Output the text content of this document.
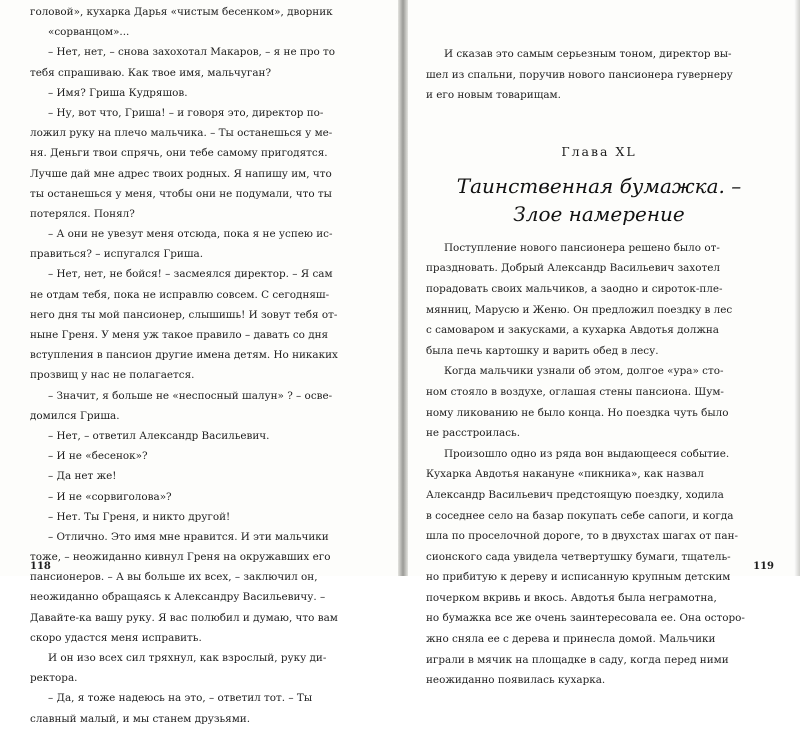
головой», кухарка Дарья «чистым бесенком», дворник
«сорванцом»...
– Нет, нет, – снова захохотал Макаров, – я не про то
тебя спрашиваю. Как твое имя, мальчуган?
– Имя? Гриша Кудряшов.
– Ну, вот что, Гриша! – и говоря это, директор по-
ложил руку на плечо мальчика. – Ты останешься у ме-
ня. Деньги твои спрячь, они тебе самому пригодятся.
Лучше дай мне адрес твоих родных. Я напишу им, что
ты останешься у меня, чтобы они не подумали, что ты
потерялся. Понял?
– А они не увезут меня отсюда, пока я не успею ис-
правиться? – испугался Гриша.
– Нет, нет, не бойся! – засмеялся директор. – Я сам
не отдам тебя, пока не исправлю совсем. С сегодняш-
него дня ты мой пансионер, слышишь! И зовут тебя от-
ныне Греня. У меня уж такое правило – давать со дня
вступления в пансион другие имена детям. Но никаких
прозвищ у нас не полагается.
– Значит, я больше не «неспосный шалун» ? – осве-
домился Гриша.
– Нет, – ответил Александр Васильевич.
– И не «бесенок»?
– Да нет же!
– И не «сорвиголова»?
– Нет. Ты Греня, и никто другой!
– Отлично. Это имя мне нравится. И эти мальчики
тоже, – неожиданно кивнул Греня на окружавших его
пансионеров. – А вы больше их всех, – заключил он,
неожиданно обращаясь к Александру Васильевичу. –
Давайте-ка вашу руку. Я вас полюбил и думаю, что вам
скоро удастся меня исправить.
И он изо всех сил тряхнул, как взрослый, руку ди-
ректора.
– Да, я тоже надеюсь на это, – ответил тот. – Ты
славный малый, и мы станем друзьями.
118
И сказав это самым серьезным тоном, директор вы-
шел из спальни, поручив нового пансионера гувернеру
и его новым товарищам.
Глава XL
Таинственная бумажка. –
Злое намерение
Поступление нового пансионера решено было от-
праздновать. Добрый Александр Васильевич захотел
порадовать своих мальчиков, а заодно и сироток-пле-
мянниц, Марусю и Женю. Он предложил поездку в лес
с самоваром и закусками, а кухарка Авдотья должна
была печь картошку и варить обед в лесу.
Когда мальчики узнали об этом, долгое «ура» сто-
ном стояло в воздухе, оглашая стены пансиона. Шум-
ному ликованию не было конца. Но поездка чуть было
не расстроилась.
Произошло одно из ряда вон выдающееся событие.
Кухарка Авдотья накануне «пикника», как назвал
Александр Васильевич предстоящую поездку, ходила
в соседнее село на базар покупать себе сапоги, и когда
шла по проселочной дороге, то в двухстах шагах от пан-
сионского сада увидела четвертушку бумаги, тщатель-
но прибитую к дереву и исписанную крупным детским
почерком вкривь и вкось. Авдотья была неграмотна,
но бумажка все же очень заинтересовала ее. Она осторо-
жно сняла ее с дерева и принесла домой. Мальчики
играли в мячик на площадке в саду, когда перед ними
неожиданно появилась кухарка.
119
